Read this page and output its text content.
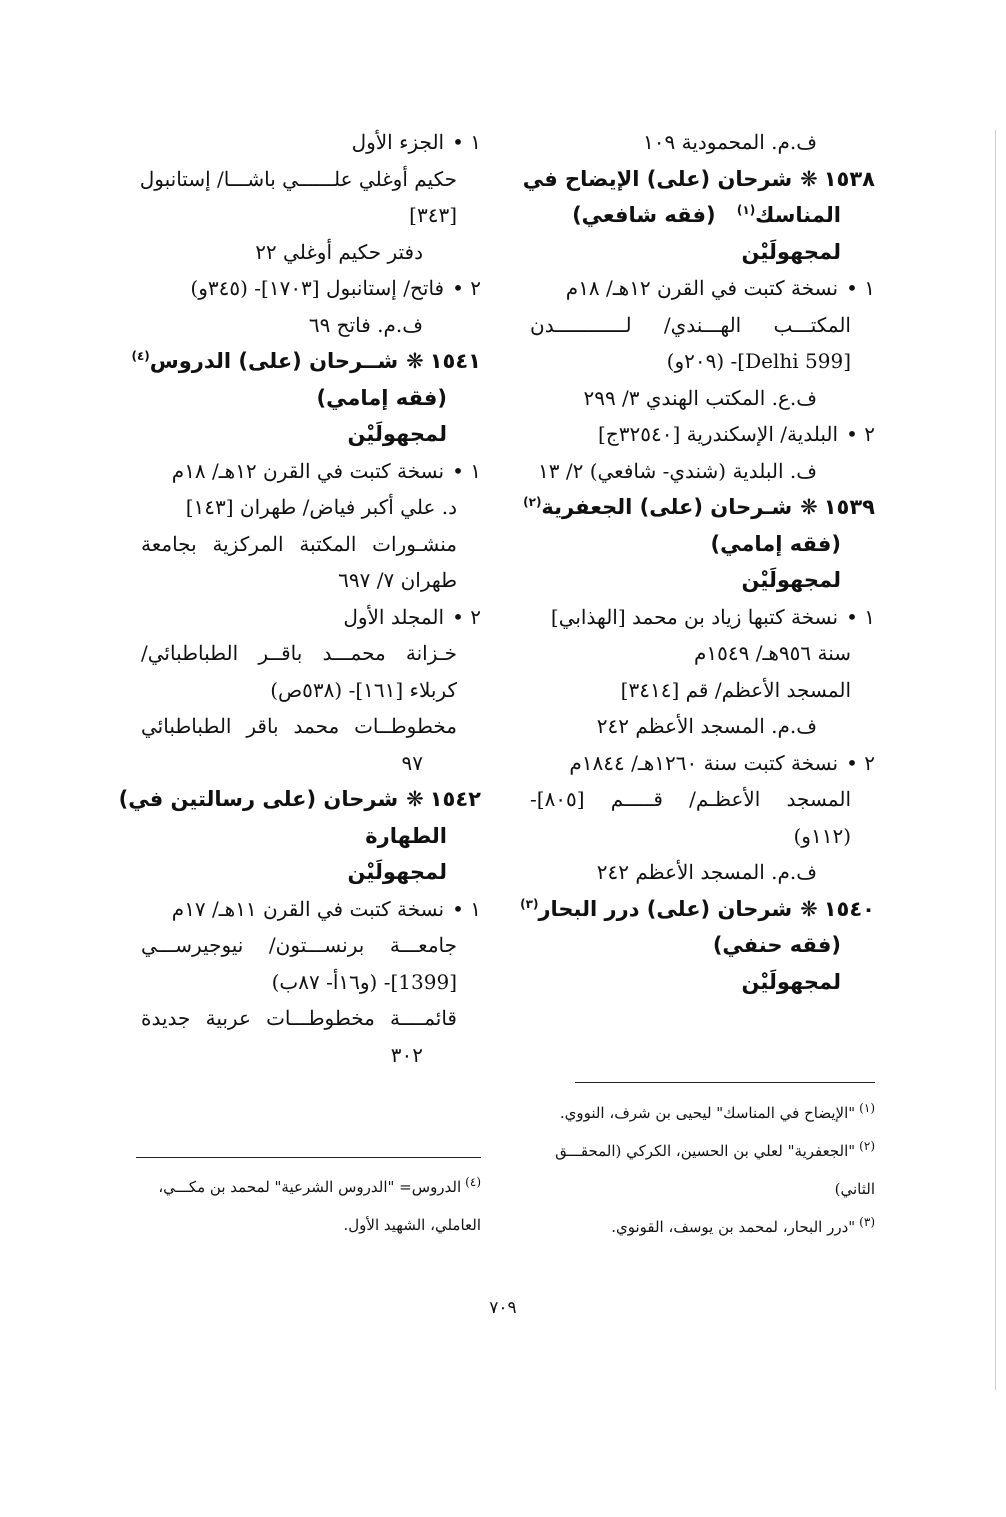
ف.م. المحمودية ١٠٩
١٥٣٨❋شرحان (على) الإيضاح في
المناسك$^{(١)}$ (فقه شافعي)
لمجهولَيْن
١ •نسخة كتبت في القرن ١٢هـ/ ١٨م
المكتـــب الهـــندي/ لــــــــــــدن
[Delhi 599]- (٢٠٩و)
ف.ع. المكتب الهندي ٣/ ٢٩٩
٢ •البلدية/ الإسكندرية [٣٢٥٤٠ج]
ف. البلدية (شندي- شافعي) ٢/ ١٣
١٥٣٩❋شـرحان (على) الجعفرية$^{(٢)}$
(فقه إمامي)
لمجهولَيْن
١ •نسخة كتبها زياد بن محمد [الهذابي]
سنة ٩٥٦هـ/ ١٥٤٩م
المسجد الأعظم/ قم [٣٤١٤]
ف.م. المسجد الأعظم ٢٤٢
٢ •نسخة كتبت سنة ١٢٦٠هـ/ ١٨٤٤م
المسجد الأعظـم/ قـــــم [٨٠٥]-
(١١٢و)
ف.م. المسجد الأعظم ٢٤٢
١٥٤٠❋شرحان (على) درر البحار$^{(٣)}$
(فقه حنفي)
لمجهولَيْن
١ •الجزء الأول
حكيم أوغلي علــــــي باشـــا/ إستانبول
[٣٤٣]
دفتر حكيم أوغلي ٢٢
٢ •فاتح/ إستانبول [١٧٠٣]- (٣٤٥و)
ف.م. فاتح ٦٩
١٥٤١❋شــرحان (على) الدروس$^{(٤)}$
(فقه إمامي)
لمجهولَيْن
١ •نسخة كتبت في القرن ١٢هـ/ ١٨م
د. علي أكبر فياض/ طهران [١٤٣]
منشـورات المكتبة المركزية بجامعة
طهران ٧/ ٦٩٧
٢ •المجلد الأول
خـزانة محمـــد باقــر الطباطبائي/
كربلاء [١٦١]- (٥٣٨ص)
مخطوطــات محمد باقر الطباطبائي
٩٧
١٥٤٢❋شرحان (على رسالتين في)
الطهارة
لمجهولَيْن
١ •نسخة كتبت في القرن ١١هـ/ ١٧م
جامعـــة برنســـتون/ نيوجيرســـي
[1399]- (و١٦أ- ٨٧ب)
قائمــــة مخطوطـــات عربية جديدة
٣٠٢
$^{(١)}$"الإيضاح في المناسك" ليحيى بن شرف، النووي.
$^{(٢)}$"الجعفرية" لعلي بن الحسين، الكركي (المحقـــق
الثاني)
$^{(٣)}$"درر البحار، لمحمد بن يوسف، القونوي.
$^{(٤)}$الدروس= "الدروس الشرعية" لمحمد بن مكـــي،
العاملي، الشهيد الأول.
٧٠٩
